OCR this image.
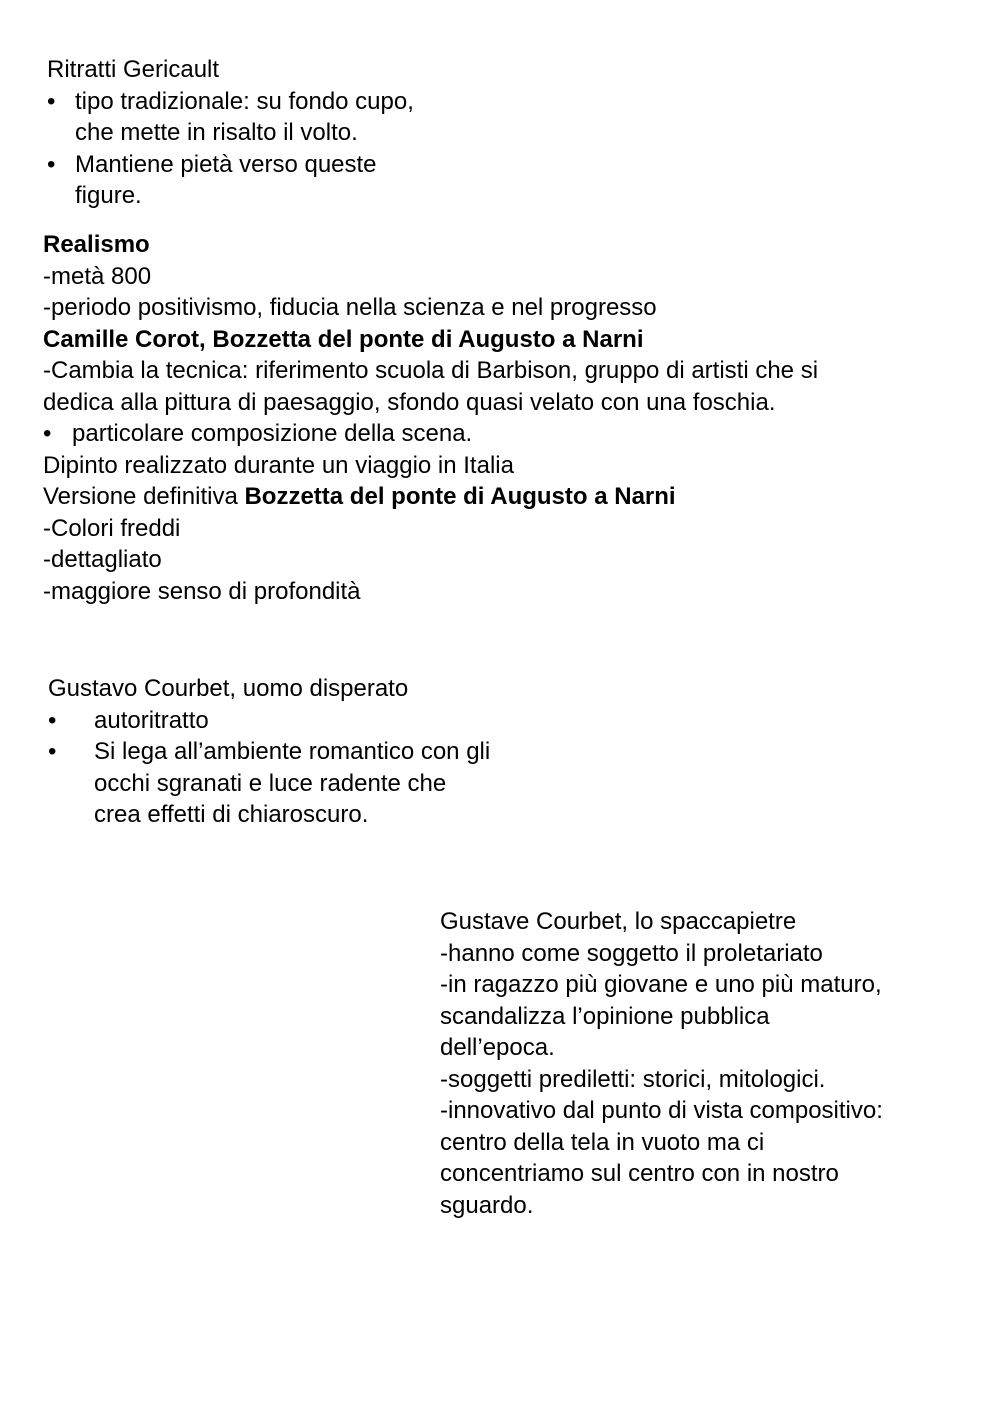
Ritratti Gericault
• tipo tradizionale: su fondo cupo,
che mette in risalto il volto.
• Mantiene pietà verso queste
figure.
Realismo
-metà 800
-periodo positivismo, fiducia nella scienza e nel progresso
Camille Corot, Bozzetta del ponte di Augusto a Narni
-Cambia la tecnica: riferimento scuola di Barbison, gruppo di artisti che si
dedica alla pittura di paesaggio, sfondo quasi velato con una foschia.
• particolare composizione della scena.
Dipinto realizzato durante un viaggio in Italia
Versione definitiva Bozzetta del ponte di Augusto a Narni
-Colori freddi
-dettagliato
-maggiore senso di profondità
Gustavo Courbet, uomo disperato
• autoritratto
• Si lega all’ambiente romantico con gli
occhi sgranati e luce radente che
crea effetti di chiaroscuro.
Gustave Courbet, lo spaccapietre
-hanno come soggetto il proletariato
-in ragazzo più giovane e uno più maturo,
scandalizza l’opinione pubblica
dell’epoca.
-soggetti prediletti: storici, mitologici.
-innovativo dal punto di vista compositivo:
centro della tela in vuoto ma ci
concentriamo sul centro con in nostro
sguardo.
